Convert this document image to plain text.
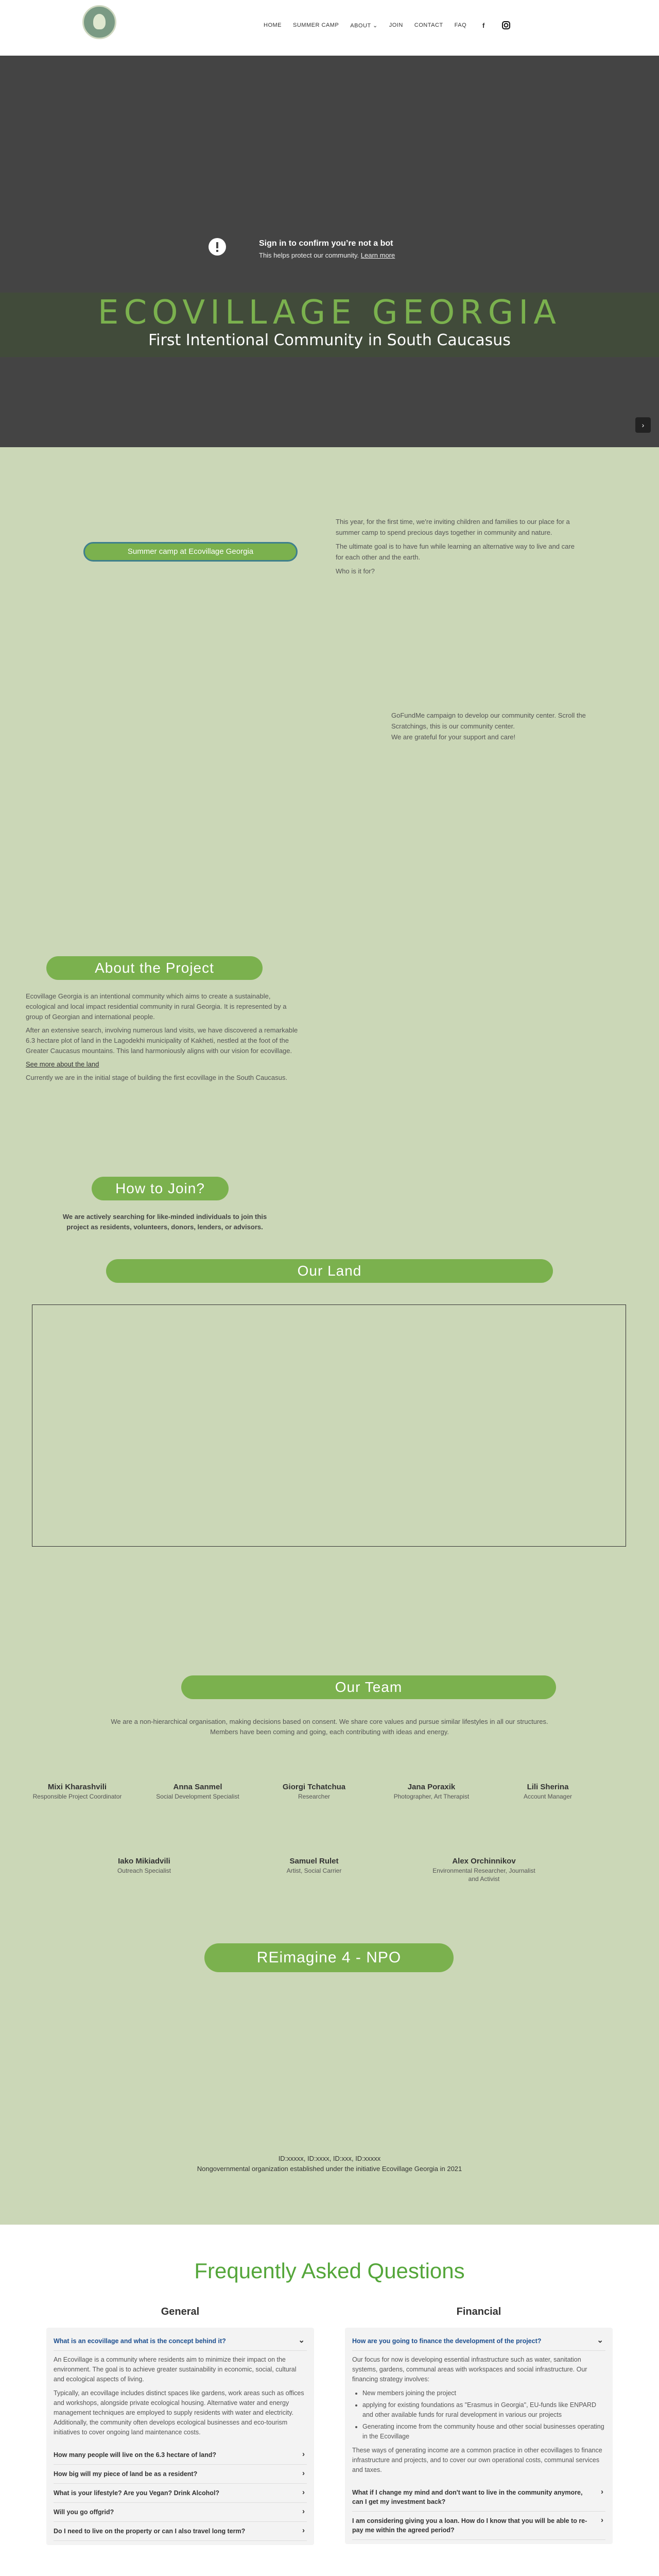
HOME SUMMER CAMP ABOUT ⌄ JOIN CONTACT FAQ	f
Sign in to confirm you’re not a bot
This helps protect our community. Learn more
ECOVILLAGE GEORGIA
First Intentional Community in South Caucasus
›
Summer camp at Ecovillage Georgia

This year, for the first time, we're inviting children and families to our place for a summer camp to spend precious days together in community and nature.

The ultimate goal is to have fun while learning an alternative way to live and care for each other and the earth.

Who is it for?

GoFundMe campaign to develop our community center. Scroll the Scratchings, this is our community center.

We are grateful for your support and care!

About the Project

Ecovillage Georgia is an intentional community which aims to create a sustainable, ecological and local impact residential community in rural Georgia. It is represented by a group of Georgian and international people.

After an extensive search, involving numerous land visits, we have discovered a remarkable 6.3 hectare plot of land in the Lagodekhi municipality of Kakheti, nestled at the foot of the Greater Caucasus mountains. This land harmoniously aligns with our vision for ecovillage.

See more about the land

Currently we are in the initial stage of building the first ecovillage in the South Caucasus.

How to Join?
We are actively searching for like-minded individuals to join this project as residents, volunteers, donors, lenders, or advisors.
Our Land
Our Team
We are a non-hierarchical organisation, making decisions based on consent. We share core values and pursue similar lifestyles in all our structures.
Members have been coming and going, each contributing with ideas and energy.
Mixi Kharashvili
Responsible Project Coordinator
Anna Sanmel
Social Development Specialist
Giorgi Tchatchua
Researcher
Jana Poraxik
Photographer, Art Therapist
Lili Sherina
Account Manager
Iako Mikiadvili
Outreach Specialist
Samuel Rulet
Artist, Social Carrier
Alex Orchinnikov
Environmental Researcher, Journalist and Activist
REimagine 4 - NPO
ID:xxxxx, ID:xxxx, ID:xxx, ID:xxxxx
Nongovernmental organization established under the initiative Ecovillage Georgia in 2021
Frequently Asked Questions
General
What is an ecovillage and what is the concept behind it? ⌄

An Ecovillage is a community where residents aim to minimize their impact on the environment. The goal is to achieve greater sustainability in economic, social, cultural and ecological aspects of living.

Typically, an ecovillage includes distinct spaces like gardens, work areas such as offices and workshops, alongside private ecological housing. Alternative water and energy management techniques are employed to supply residents with water and electricity. Additionally, the community often develops ecological businesses and eco-tourism initiatives to cover ongoing land maintenance costs.

How many people will live on the 6.3 hectare of land? ›
How big will my piece of land be as a resident? ›
What is your lifestyle? Are you Vegan? Drink Alcohol? ›
Will you go offgrid? ›
Do I need to live on the property or can I also travel long term? ›
Financial
How are you going to finance the development of the project? ⌄

Our focus for now is developing essential infrastructure such as water, sanitation systems, gardens, communal areas with workspaces and social infrastructure. Our financing strategy involves:

• New members joining the project
• applying for existing foundations as "Erasmus in Georgia", EU-funds like ENPARD and other available funds for rural development in various our projects
• Generating income from the community house and other social businesses operating in the Ecovillage

These ways of generating income are a common practice in other ecovillages to finance infrastructure and projects, and to cover our own operational costs, communal services and taxes.

What if I change my mind and don't want to live in the community anymore, can I get my investment back? ›
I am considering giving you a loan. How do I know that you will be able to re-pay me within the agreed period? ›
